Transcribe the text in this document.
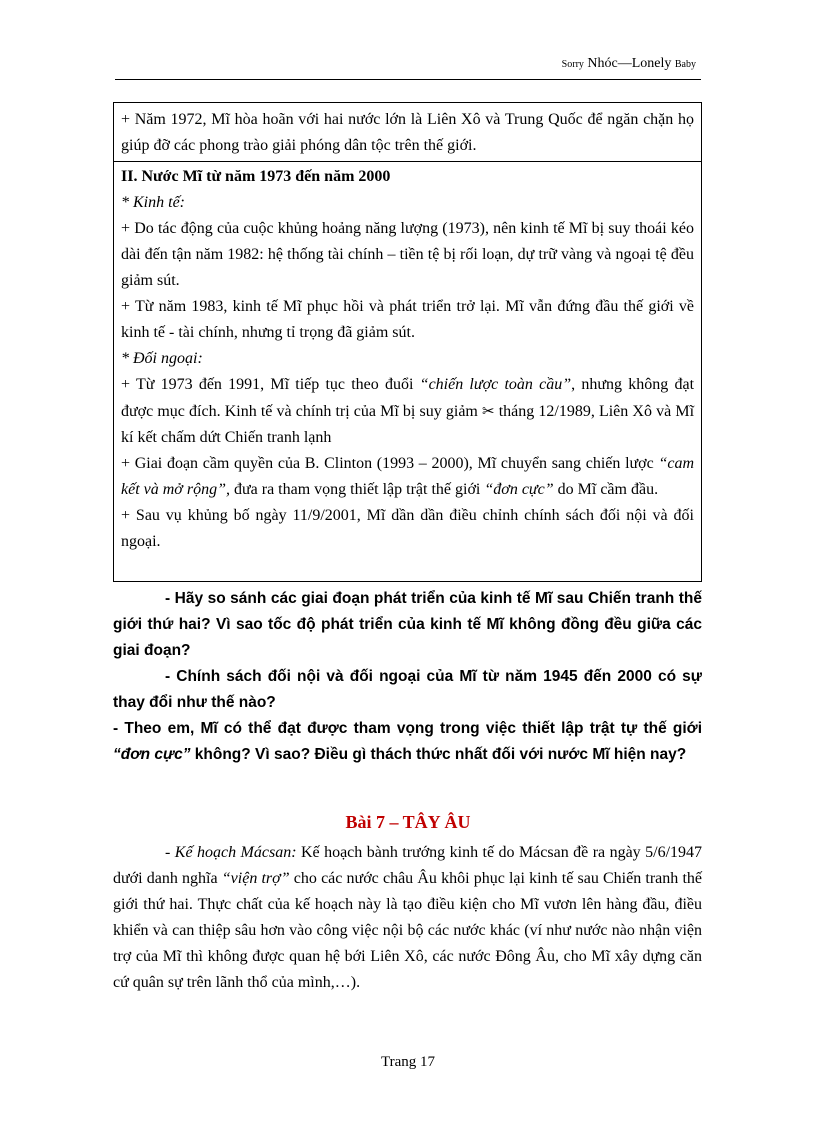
Sorry Nhóc—Lonely Baby

+ Năm 1972, Mĩ hòa hoãn với hai nước lớn là Liên Xô và Trung Quốc để ngăn chặn họ giúp đỡ các phong trào giải phóng dân tộc trên thế giới.

II. Nước Mĩ từ năm 1973 đến năm 2000

* Kinh tế:

+ Do tác động của cuộc khủng hoảng năng lượng (1973), nên kinh tế Mĩ bị suy thoái kéo dài đến tận năm 1982: hệ thống tài chính – tiền tệ bị rối loạn, dự trữ vàng và ngoại tệ đều giảm sút.

+ Từ năm 1983, kinh tế Mĩ phục hồi và phát triển trở lại. Mĩ vẫn đứng đầu thế giới về kinh tế - tài chính, nhưng tỉ trọng đã giảm sút.

* Đối ngoại:

+ Từ 1973 đến 1991, Mĩ tiếp tục theo đuổi “chiến lược toàn cầu”, nhưng không đạt được mục đích. Kinh tế và chính trị của Mĩ bị suy giảm ✂ tháng 12/1989, Liên Xô và Mĩ kí kết chấm dứt Chiến tranh lạnh

+ Giai đoạn cầm quyền của B. Clinton (1993 – 2000), Mĩ chuyển sang chiến lược “cam kết và mở rộng”, đưa ra tham vọng thiết lập trật thế giới “đơn cực” do Mĩ cầm đầu.

+ Sau vụ khủng bố ngày 11/9/2001, Mĩ dần dần điều chỉnh chính sách đối nội và đối ngoại.

- Hãy so sánh các giai đoạn phát triển của kinh tế Mĩ sau Chiến tranh thế giới thứ hai? Vì sao tốc độ phát triển của kinh tế Mĩ không đồng đều giữa các giai đoạn?

- Chính sách đối nội và đối ngoại của Mĩ từ năm 1945 đến 2000 có sự thay đổi như thế nào?

- Theo em, Mĩ có thể đạt được tham vọng trong việc thiết lập trật tự thế giới “đơn cực” không? Vì sao? Điều gì thách thức nhất đối với nước Mĩ hiện nay?

Bài 7 – TÂY ÂU

- Kế hoạch Mácsan: Kế hoạch bành trướng kinh tế do Mácsan đề ra ngày 5/6/1947 dưới danh nghĩa “viện trợ” cho các nước châu Âu khôi phục lại kinh tế sau Chiến tranh thế giới thứ hai. Thực chất của kế hoạch này là tạo điều kiện cho Mĩ vươn lên hàng đầu, điều khiển và can thiệp sâu hơn vào công việc nội bộ các nước khác (ví như nước nào nhận viện trợ của Mĩ thì không được quan hệ bới Liên Xô, các nước Đông Âu, cho Mĩ xây dựng căn cứ quân sự trên lãnh thổ của mình,…).

Trang 17
